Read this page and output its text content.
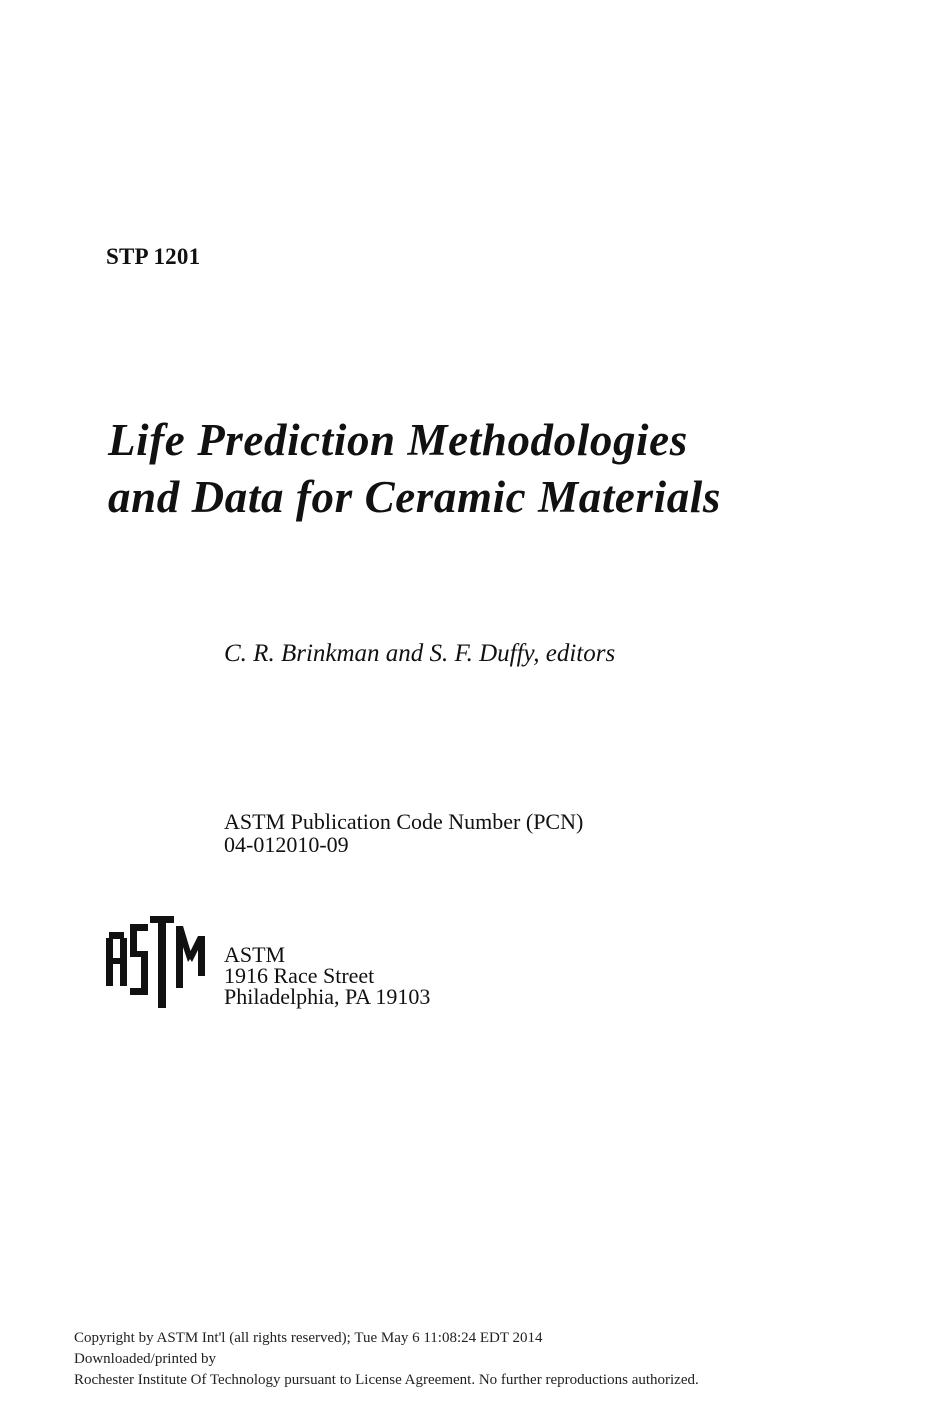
STP 1201
Life Prediction Methodologies
and Data for Ceramic Materials
C. R. Brinkman and S. F. Duffy, editors
ASTM Publication Code Number (PCN)
04-012010-09
ASTM
1916 Race Street
Philadelphia, PA 19103
Copyright by ASTM Int'l (all rights reserved); Tue May 6 11:08:24 EDT 2014
Downloaded/printed by
Rochester Institute Of Technology pursuant to License Agreement. No further reproductions authorized.
